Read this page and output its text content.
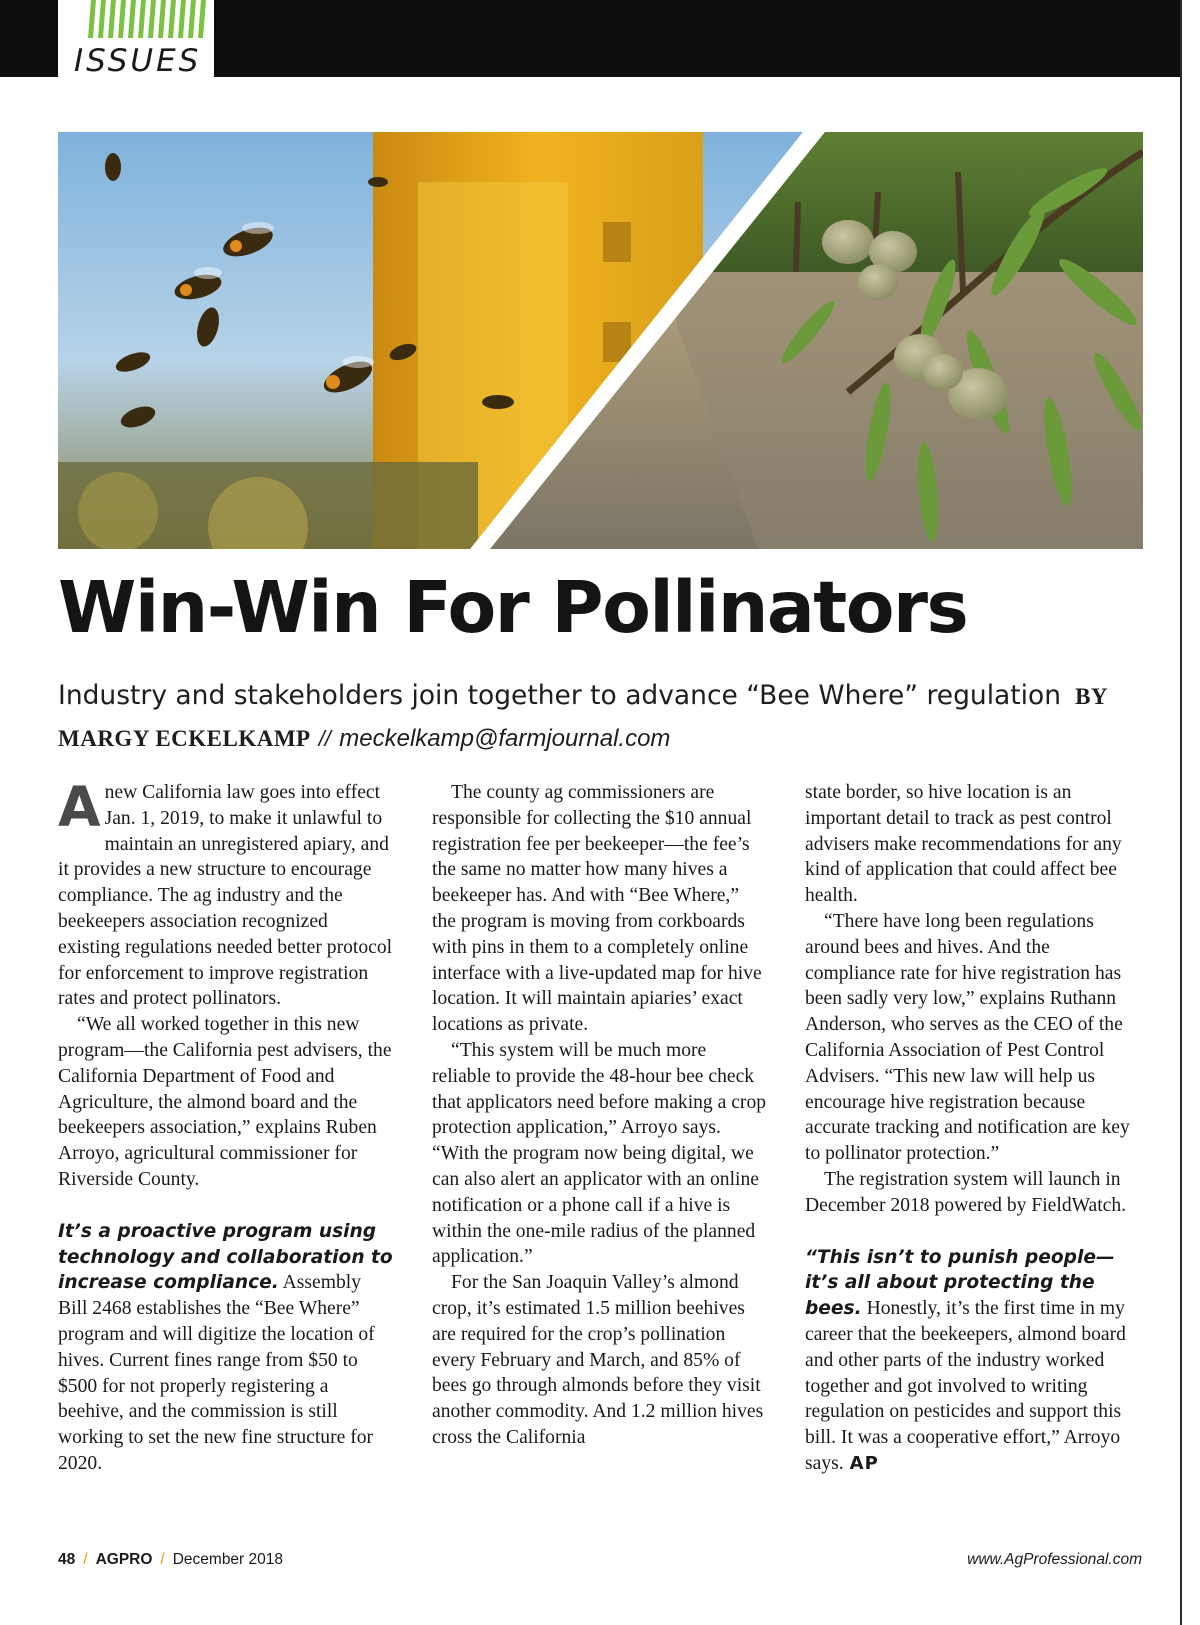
ISSUES
Win-Win For Pollinators

Industry and stakeholders join together to advance “Bee Where” regulation BY MARGY ECKELKAMP // meckelkamp@farmjournal.com

Anew California law goes into effect Jan. 1, 2019, to make it unlawful to maintain an unregistered apiary, and it provides a new structure to encourage compliance. The ag industry and the beekeepers association recognized existing regulations needed better protocol for enforcement to improve registration rates and protect pollinators.

“We all worked together in this new program—the California pest advisers, the California Department of Food and Agriculture, the almond board and the beekeepers association,” explains Ruben Arroyo, agricultural commissioner for Riverside County.

It’s a proactive program using technology and collaboration to increase compliance. Assembly Bill 2468 establishes the “Bee Where” program and will digitize the location of hives. Current fines range from $50 to $500 for not properly registering a beehive, and the commission is still working to set the new fine structure for 2020.

The county ag commissioners are responsible for collecting the $10 annual registration fee per beekeeper—the fee’s the same no matter how many hives a beekeeper has. And with “Bee Where,” the program is moving from corkboards with pins in them to a completely online interface with a live-updated map for hive location. It will maintain apiaries’ exact locations as private.

“This system will be much more reliable to provide the 48-hour bee check that applicators need before making a crop protection application,” Arroyo says. “With the program now being digital, we can also alert an applicator with an online notification or a phone call if a hive is within the one-mile radius of the planned application.”

For the San Joaquin Valley’s almond crop, it’s estimated 1.5 million beehives are required for the crop’s pollination every February and March, and 85% of bees go through almonds before they visit another commodity. And 1.2 million hives cross the California

state border, so hive location is an important detail to track as pest control advisers make recommendations for any kind of application that could affect bee health.

“There have long been regulations around bees and hives. And the compliance rate for hive registration has been sadly very low,” explains Ruthann Anderson, who serves as the CEO of the California Association of Pest Control Advisers. “This new law will help us encourage hive registration because accurate tracking and notification are key to pollinator protection.”

The registration system will launch in December 2018 powered by FieldWatch.

“This isn’t to punish people—it’s all about protecting the bees. Honestly, it’s the first time in my career that the beekeepers, almond board and other parts of the industry worked together and got involved to writing regulation on pesticides and support this bill. It was a cooperative effort,” Arroyo says. AP

48 / AGPRO / December 2018	www.AgProfessional.com
